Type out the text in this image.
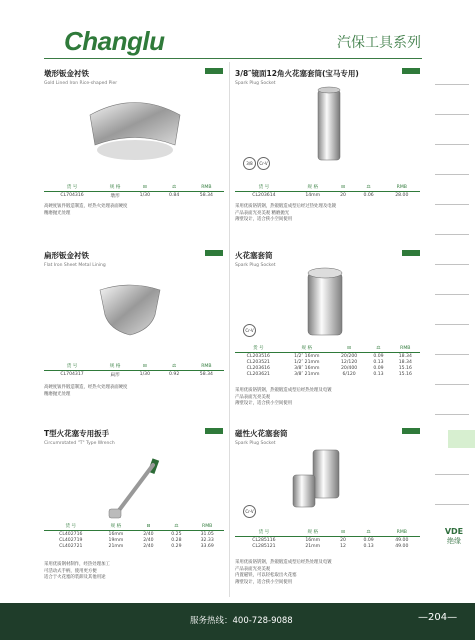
Changlu	汽保工具系列
墩形钣金衬铁
Gold Lined Iron Rice-shaped Pier
货 号	规 格	⊟	⚖	RMB
CL704316	墩形	1/30	0.84	58.34
高硬度钣件锻造制造，经热火处理表面硬度
精磨抛光处理
3/8″镜面12角火花塞套筒(宝马专用)
Spark Plug Socket
3/8	Cr-V
货 号	规 格	⊟	⚖	RMB
CL203614	14mm	20	0.06	28.00
采用优质铬钒钢，热锻锻造成型后经过热处理及电镀
产品表面光亮美观 精磨抛光
薄壁设计，适合狭小空间使用
扁形钣金衬铁
Flat Iron Sheet Metal Lining
货 号	规 格	⊟	⚖	RMB
CL704317	扁形	1/30	0.92	58.34
高硬度钣件锻造制造，经热火处理表面硬度
精磨抛光处理
火花塞套筒
Spark Plug Socket
Cr-V
货 号	规 格	⊟	⚖	RMB
CL203516	1/2″ 16mm	20/200	0.09	18.34
CL203521	1/2″ 21mm	12/120	0.13	18.34
CL203616	3/8″ 16mm	20/400	0.09	15.16
CL203621	3/8″ 21mm	6/120	0.13	15.16
采用优质铬钒钢，热锻锻造成型后经热处理及电镀
产品表面光亮美观
薄壁设计，适合狭小空间使用
T型火花塞专用扳手
Circumrotated "T" Type Wrench
货 号	规 格	⊟	⚖	RMB
CL402716	16mm	2/40	0.25	31.05
CL402719	19mm	2/40	0.28	32.33
CL402721	21mm	2/40	0.29	33.69
采用优质钢材制作，经热处理加工
可活动式手柄，使用更方便
适合于火花塞的装卸及其他用途
磁性火花塞套筒
Spark Plug Socket
Cr-V
货 号	规 格	⊟	⚖	RMB
CL285116	16mm	20	0.09	49.00
CL285121	21mm	12	0.13	49.00
采用优质铬钒钢，热锻锻造成型后经热处理及电镀
产品表面光亮美观
内置磁铁，可以轻松取出火花塞
薄壁设计，适合狭小空间使用
VDE
绝缘
服务热线：400-728-9088	—204—
